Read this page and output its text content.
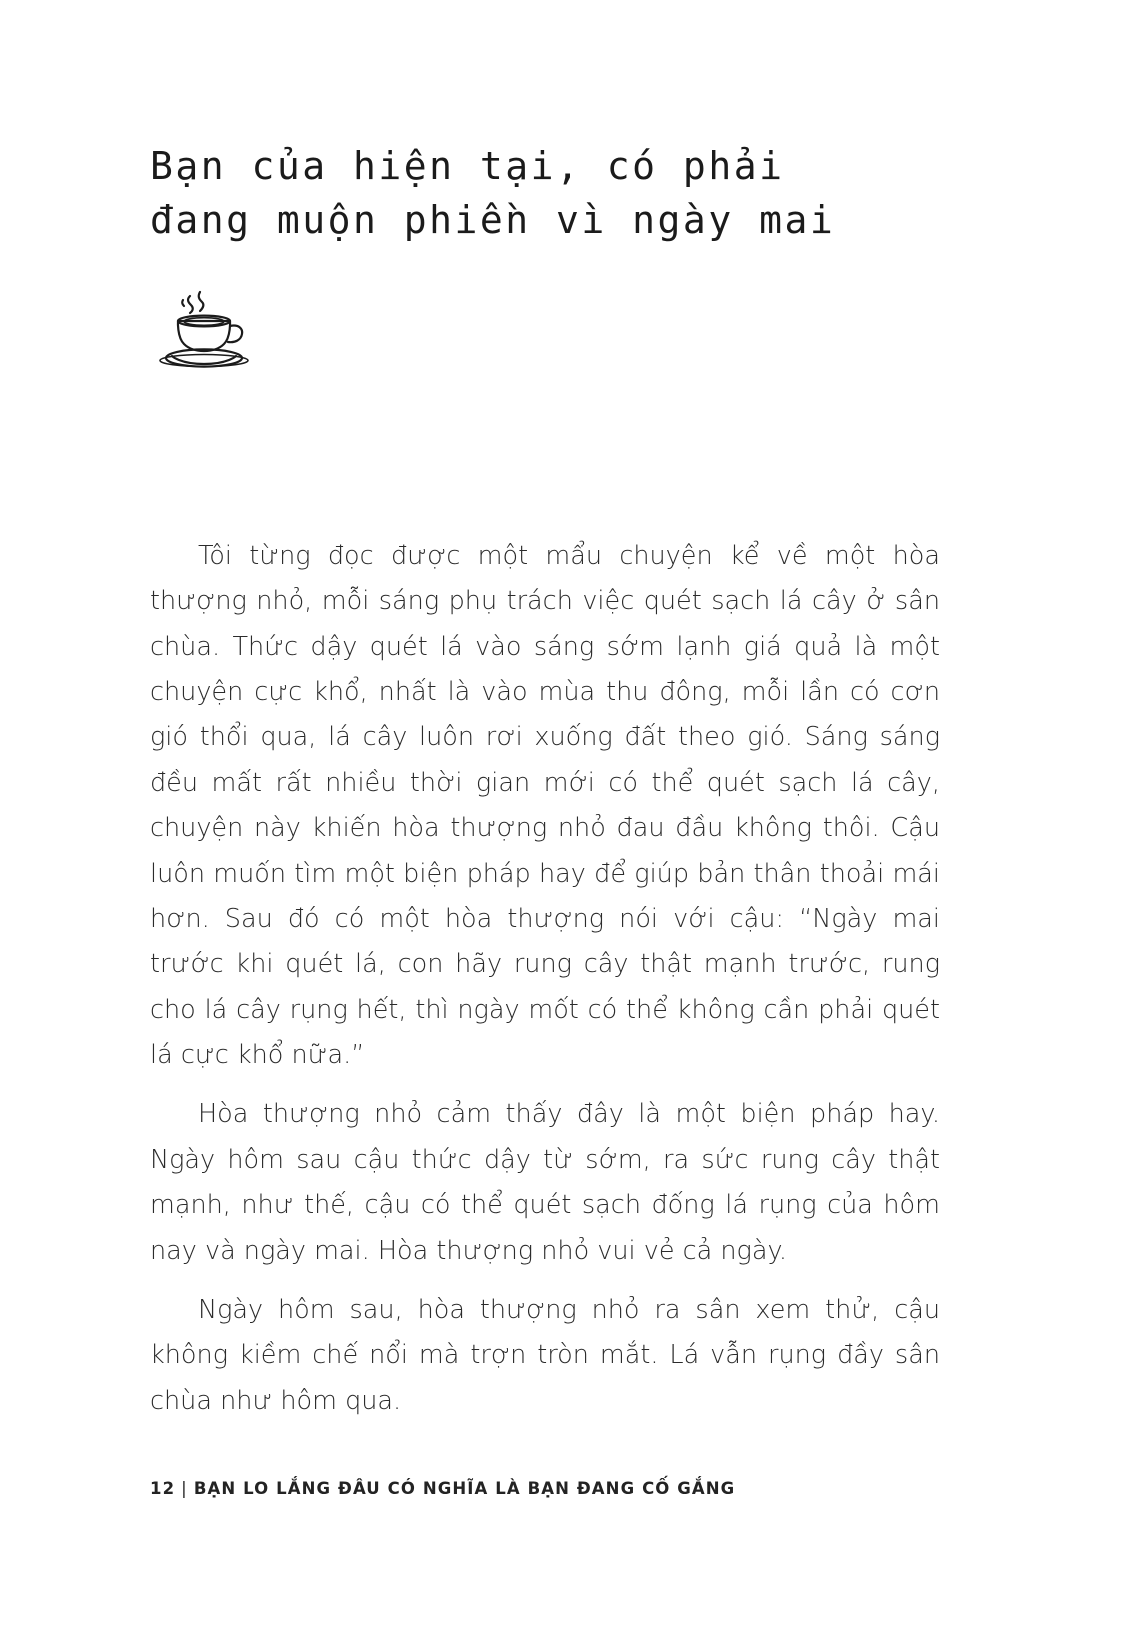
Bạn của hiện tại, có phải
đang muộn phiền vì ngày mai

Tôi từng đọc được một mẩu chuyện kể về một hòa thượng nhỏ, mỗi sáng phụ trách việc quét sạch lá cây ở sân chùa. Thức dậy quét lá vào sáng sớm lạnh giá quả là một chuyện cực khổ, nhất là vào mùa thu đông, mỗi lần có cơn gió thổi qua, lá cây luôn rơi xuống đất theo gió. Sáng sáng đều mất rất nhiều thời gian mới có thể quét sạch lá cây, chuyện này khiến hòa thượng nhỏ đau đầu không thôi. Cậu luôn muốn tìm một biện pháp hay để giúp bản thân thoải mái hơn. Sau đó có một hòa thượng nói với cậu: “Ngày mai trước khi quét lá, con hãy rung cây thật mạnh trước, rung cho lá cây rụng hết, thì ngày mốt có thể không cần phải quét lá cực khổ nữa.”

Hòa thượng nhỏ cảm thấy đây là một biện pháp hay. Ngày hôm sau cậu thức dậy từ sớm, ra sức rung cây thật mạnh, như thế, cậu có thể quét sạch đống lá rụng của hôm nay và ngày mai. Hòa thượng nhỏ vui vẻ cả ngày.

Ngày hôm sau, hòa thượng nhỏ ra sân xem thử, cậu không kiềm chế nổi mà trợn tròn mắt. Lá vẫn rụng đầy sân chùa như hôm qua.

12 | BẠN LO LẮNG ĐÂU CÓ NGHĨA LÀ BẠN ĐANG CỐ GẮNG
